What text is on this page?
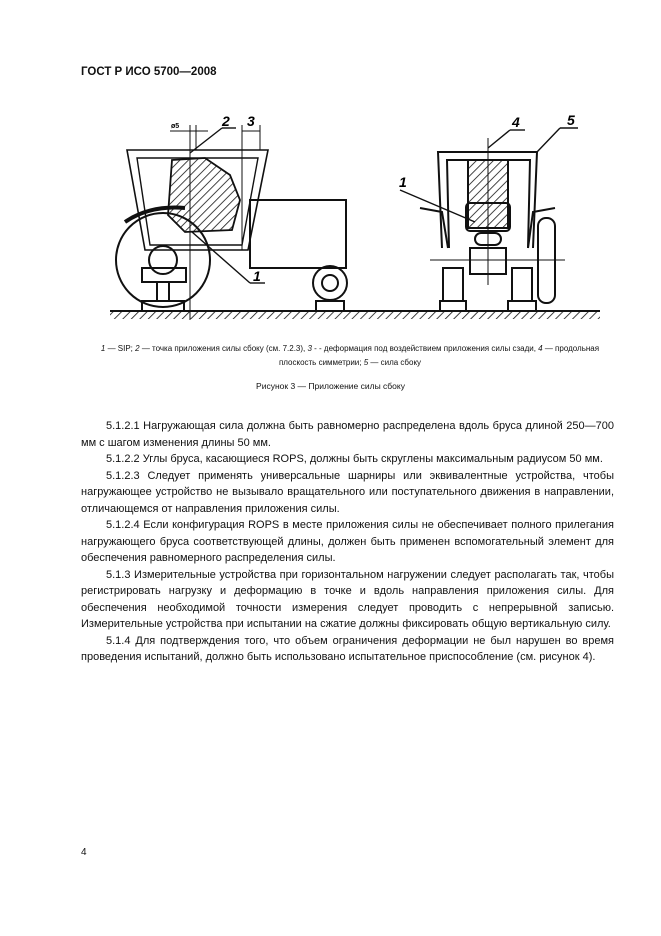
ГОСТ Р ИСО 5700—2008
2 3
ø5
1
4	5
1
1 — SIP; 2 — точка приложения силы сбоку (см. 7.2.3), 3 - - деформация под воздействием приложения силы сзади, 4 — продольная плоскость симметрии; 5 — сила сбоку
Рисунок 3 — Приложение силы сбоку

5.1.2.1 Нагружающая сила должна быть равномерно распределена вдоль бруса длиной 250—700 мм с шагом изменения длины 50 мм.

5.1.2.2 Углы бруса, касающиеся ROPS, должны быть скруглены максимальным радиусом 50 мм.

5.1.2.3 Следует применять универсальные шарниры или эквивалентные устройства, чтобы нагружающее устройство не вызывало вращательного или поступательного движения в направлении, отличающемся от направления приложения силы.

5.1.2.4 Если конфигурация ROPS в месте приложения силы не обеспечивает полного прилегания нагружающего бруса соответствующей длины, должен быть применен вспомогательный элемент для обеспечения равномерного распределения силы.

5.1.3 Измерительные устройства при горизонтальном нагружении следует располагать так, чтобы регистрировать нагрузку и деформацию в точке и вдоль направления приложения силы. Для обеспечения необходимой точности измерения следует проводить с непрерывной записью. Измерительные устройства при испытании на сжатие должны фиксировать общую вертикальную силу.

5.1.4 Для подтверждения того, что объем ограничения деформации не был нарушен во время проведения испытаний, должно быть использовано испытательное приспособление (см. рисунок 4).

4
